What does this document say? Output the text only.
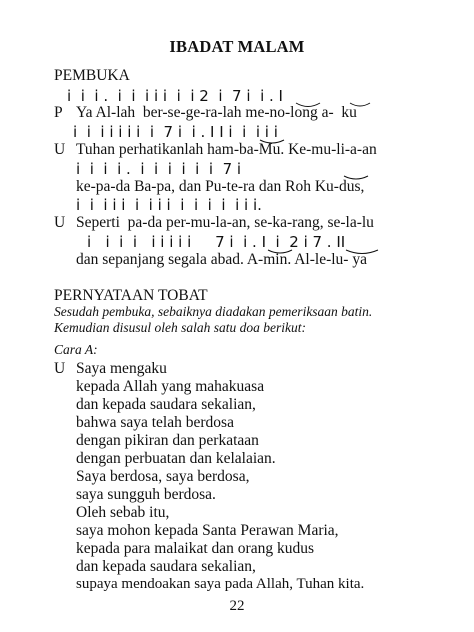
IBADAT MALAM
PEMBUKA
i  i  i .  i  i  i i i  i  i 2  i  7 i  i . I
P Ya Al-lah  ber-se-ge-ra-lah me-no-long a-  ku
i  i  i i i i i  i  7 i  i . I I i  i  i i i
U Tuhan perhatikanlah ham-ba-Mu. Ke-mu-li-a-an
i  i  i  i .  i  i  i  i  i  i  7 i
ke-pa-da Ba-pa, dan Pu-te-ra dan Roh Ku-dus,
i  i  i i i  i  i i i  i  i  i  i  i i i.
U Seperti  pa-da per-mu-la-an, se-ka-rang, se-la-lu
i   i  i  i   i i i i i     7 i  i . I  i  2 i 7 . II
dan sepanjang segala abad. A-min. Al-le-lu- ya
PERNYATAAN TOBAT
Sesudah pembuka, sebaiknya diadakan pemeriksaan batin.
Kemudian disusul oleh salah satu doa berikut:
Cara A:
U Saya mengaku
kepada Allah yang mahakuasa
dan kepada saudara sekalian,
bahwa saya telah berdosa
dengan pikiran dan perkataan
dengan perbuatan dan kelalaian.
Saya berdosa, saya berdosa,
saya sungguh berdosa.
Oleh sebab itu,
saya mohon kepada Santa Perawan Maria,
kepada para malaikat dan orang kudus
dan kepada saudara sekalian,
supaya mendoakan saya pada Allah, Tuhan kita.
22
